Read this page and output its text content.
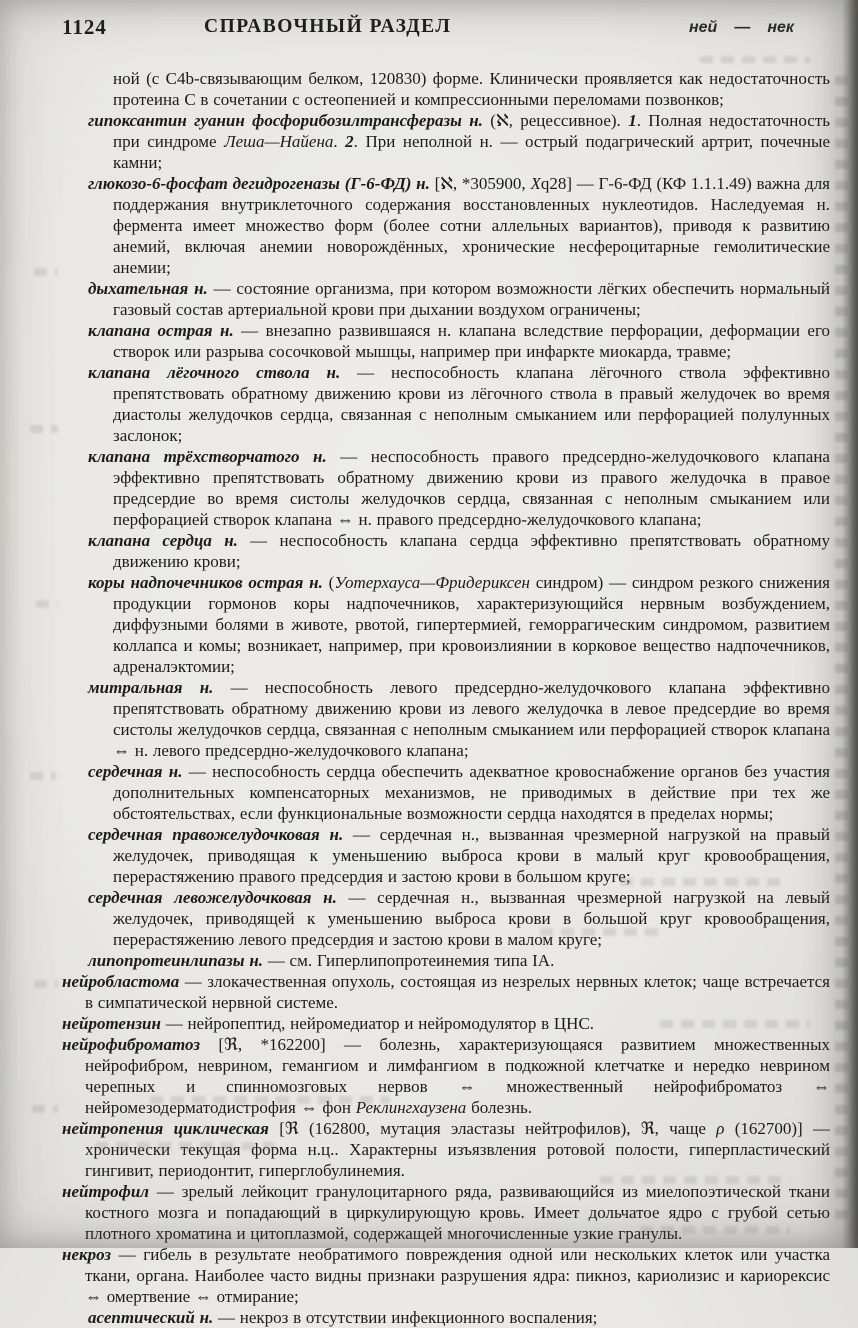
1124	СПРАВОЧНЫЙ РАЗДЕЛ	ней — нек

ной (с C4b-связывающим белком, 120830) форме. Клинически проявляется как недостаточность протеина С в сочетании с остеопенией и компрессионными переломами позвонков;

гипоксантин гуанин фосфорибозилтрансферазы н. (ℵ, рецессивное). 1. Полная недостаточность при синдроме Леша—Найена. 2. При неполной н. — острый подагрический артрит, почечные камни;

глюкозо-6-фосфат дегидрогеназы (Г-6-ФД) н. [ℵ, *305900, Xq28] — Г-6-ФД (КФ 1.1.1.49) важна для поддержания внутриклеточного содержания восстановленных нуклеотидов. Наследуемая н. фермента имеет множество форм (более сотни аллельных вариантов), приводя к развитию анемий, включая анемии новорождённых, хронические несфероцитарные гемолитические анемии;

дыхательная н. — состояние организма, при котором возможности лёгких обеспечить нормальный газовый состав артериальной крови при дыхании воздухом ограничены;

клапана острая н. — внезапно развившаяся н. клапана вследствие перфорации, деформации его створок или разрыва сосочковой мышцы, например при инфаркте миокарда, травме;

клапана лёгочного ствола н. — неспособность клапана лёгочного ствола эффективно препятствовать обратному движению крови из лёгочного ствола в правый желудочек во время диастолы желудочков сердца, связанная с неполным смыканием или перфорацией полулунных заслонок;

клапана трёхстворчатого н. — неспособность правого предсердно-желудочкового клапана эффективно препятствовать обратному движению крови из правого желудочка в правое предсердие во время систолы желудочков сердца, связанная с неполным смыканием или перфорацией створок клапана ⇔ н. правого предсердно-желудочкового клапана;

клапана сердца н. — неспособность клапана сердца эффективно препятствовать обратному движению крови;

коры надпочечников острая н. (Уотерхауса—Фридериксен синдром) — синдром резкого снижения продукции гормонов коры надпочечников, характеризующийся нервным возбуждением, диффузными болями в животе, рвотой, гипертермией, геморрагическим синдромом, развитием коллапса и комы; возникает, например, при кровоизлиянии в корковое вещество надпочечников, адреналэктомии;

митральная н. — неспособность левого предсердно-желудочкового клапана эффективно препятствовать обратному движению крови из левого желудочка в левое предсердие во время систолы желудочков сердца, связанная с неполным смыканием или перфорацией створок клапана ⇔ н. левого предсердно-желудочкового клапана;

сердечная н. — неспособность сердца обеспечить адекватное кровоснабжение органов без участия дополнительных компенсаторных механизмов, не приводимых в действие при тех же обстоятельствах, если функциональные возможности сердца находятся в пределах нормы;

сердечная правожелудочковая н. — сердечная н., вызванная чрезмерной нагрузкой на правый желудочек, приводящая к уменьшению выброса крови в малый круг кровообращения, перерастяжению правого предсердия и застою крови в большом круге;

сердечная левожелудочковая н. — сердечная н., вызванная чрезмерной нагрузкой на левый желудочек, приводящей к уменьшению выброса крови в большой круг кровообращения, перерастяжению левого предсердия и застою крови в малом круге;

липопротеинлипазы н. — см. Гиперлипопротеинемия типа IA.

нейробластома — злокачественная опухоль, состоящая из незрелых нервных клеток; чаще встречается в симпатической нервной системе.

нейротензин — нейропептид, нейромедиатор и нейромодулятор в ЦНС.

нейрофиброматоз [ℜ, *162200] — болезнь, характеризующаяся развитием множественных нейрофибром, неврином, гемангиом и лимфангиом в подкожной клетчатке и нередко неврином черепных и спинномозговых нервов ⇔ множественный нейрофиброматоз ⇔ нейромезодерматодистрофия ⇔ фон Реклингхаузена болезнь.

нейтропения циклическая [ℜ (162800, мутация эластазы нейтрофилов), ℜ, чаще ρ (162700)] — хронически текущая форма н.ц.. Характерны изъязвления ротовой полости, гиперпластический гингивит, периодонтит, гиперглобулинемия.

нейтрофил — зрелый лейкоцит гранулоцитарного ряда, развивающийся из миелопоэтической ткани костного мозга и попадающий в циркулирующую кровь. Имеет дольчатое ядро с грубой сетью плотного хроматина и цитоплазмой, содержащей многочисленные узкие гранулы.

некроз — гибель в результате необратимого повреждения одной или нескольких клеток или участка ткани, органа. Наиболее часто видны признаки разрушения ядра: пикноз, кариолизис и кариорексис ⇔ омертвение ⇔ отмирание;

асептический н. — некроз в отсутствии инфекционного воспаления;
